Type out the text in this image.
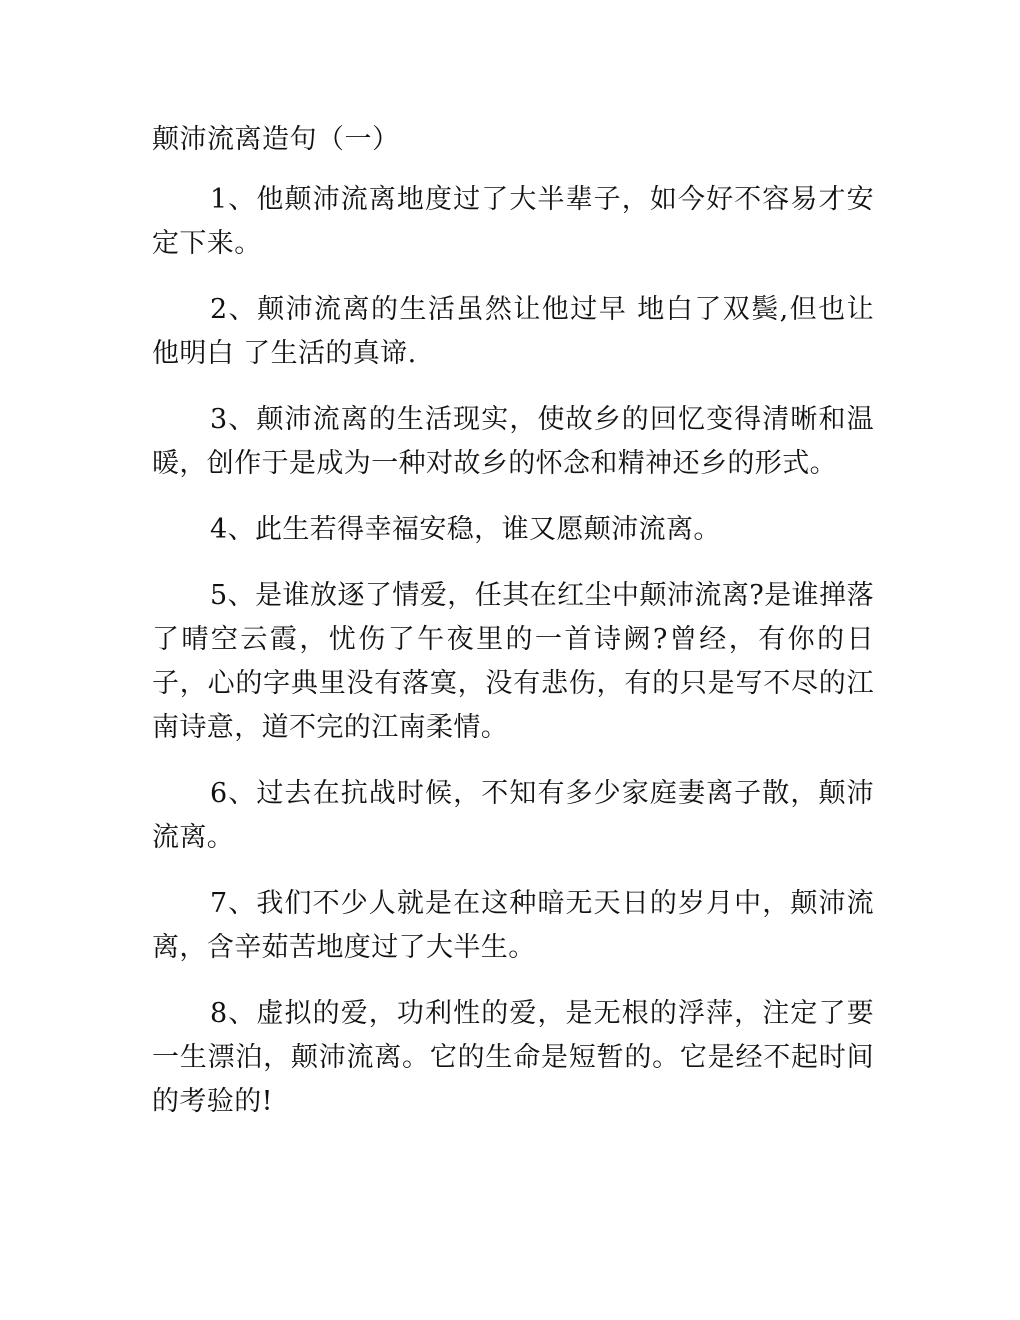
颠沛流离造句（一）

1、他颠沛流离地度过了大半辈子，如今好不容易才安定下来。

2、颠沛流离的生活虽然让他过早 地白了双鬓,但也让他明白 了生活的真谛.

3、颠沛流离的生活现实，使故乡的回忆变得清晰和温暖，创作于是成为一种对故乡的怀念和精神还乡的形式。

4、此生若得幸福安稳，谁又愿颠沛流离。

5、是谁放逐了情爱，任其在红尘中颠沛流离?是谁掸落了晴空云霞，忧伤了午夜里的一首诗阙?曾经，有你的日子，心的字典里没有落寞，没有悲伤，有的只是写不尽的江南诗意，道不完的江南柔情。

6、过去在抗战时候，不知有多少家庭妻离子散，颠沛流离。

7、我们不少人就是在这种暗无天日的岁月中，颠沛流离，含辛茹苦地度过了大半生。

8、虚拟的爱，功利性的爱，是无根的浮萍，注定了要一生漂泊，颠沛流离。它的生命是短暂的。它是经不起时间的考验的!
